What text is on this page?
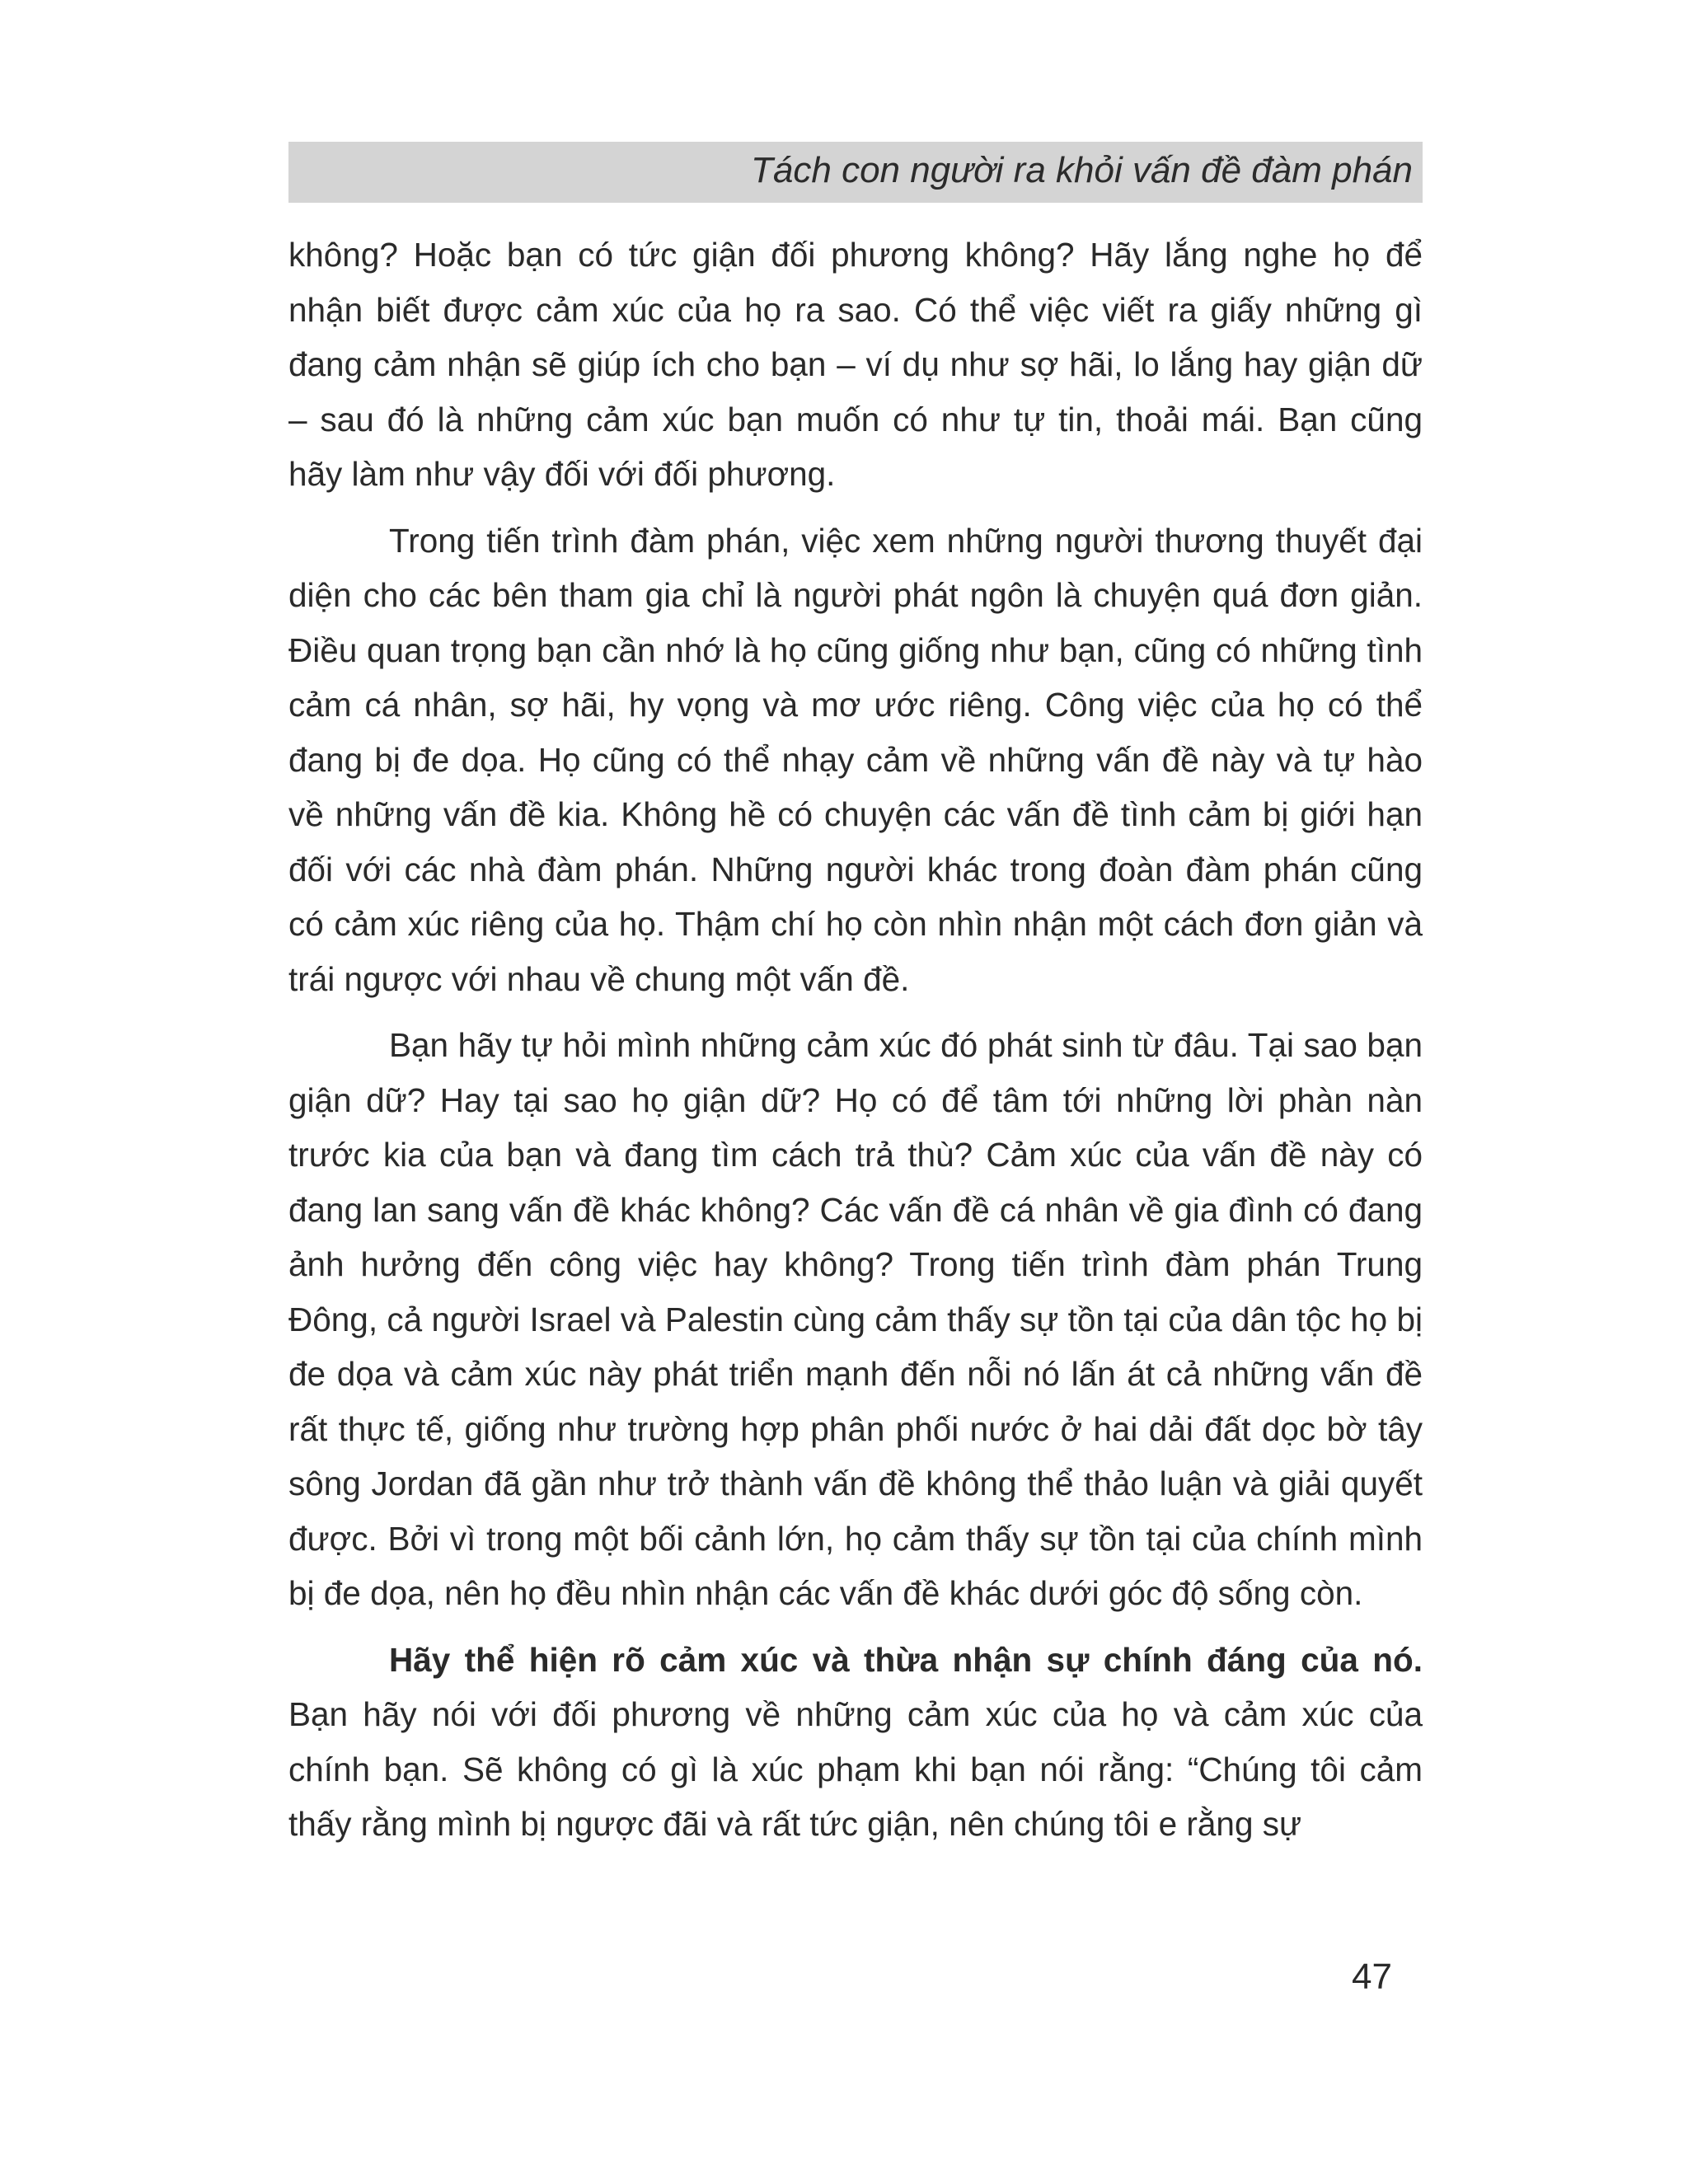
Tách con người ra khỏi vấn đề đàm phán

không? Hoặc bạn có tức giận đối phương không? Hãy lắng nghe họ để nhận biết được cảm xúc của họ ra sao. Có thể việc viết ra giấy những gì đang cảm nhận sẽ giúp ích cho bạn – ví dụ như sợ hãi, lo lắng hay giận dữ – sau đó là những cảm xúc bạn muốn có như tự tin, thoải mái. Bạn cũng hãy làm như vậy đối với đối phương.

Trong tiến trình đàm phán, việc xem những người thương thuyết đại diện cho các bên tham gia chỉ là người phát ngôn là chuyện quá đơn giản. Điều quan trọng bạn cần nhớ là họ cũng giống như bạn, cũng có những tình cảm cá nhân, sợ hãi, hy vọng và mơ ước riêng. Công việc của họ có thể đang bị đe dọa. Họ cũng có thể nhạy cảm về những vấn đề này và tự hào về những vấn đề kia. Không hề có chuyện các vấn đề tình cảm bị giới hạn đối với các nhà đàm phán. Những người khác trong đoàn đàm phán cũng có cảm xúc riêng của họ. Thậm chí họ còn nhìn nhận một cách đơn giản và trái ngược với nhau về chung một vấn đề.

Bạn hãy tự hỏi mình những cảm xúc đó phát sinh từ đâu. Tại sao bạn giận dữ? Hay tại sao họ giận dữ? Họ có để tâm tới những lời phàn nàn trước kia của bạn và đang tìm cách trả thù? Cảm xúc của vấn đề này có đang lan sang vấn đề khác không? Các vấn đề cá nhân về gia đình có đang ảnh hưởng đến công việc hay không? Trong tiến trình đàm phán Trung Đông, cả người Israel và Palestin cùng cảm thấy sự tồn tại của dân tộc họ bị đe dọa và cảm xúc này phát triển mạnh đến nỗi nó lấn át cả những vấn đề rất thực tế, giống như trường hợp phân phối nước ở hai dải đất dọc bờ tây sông Jordan đã gần như trở thành vấn đề không thể thảo luận và giải quyết được. Bởi vì trong một bối cảnh lớn, họ cảm thấy sự tồn tại của chính mình bị đe dọa, nên họ đều nhìn nhận các vấn đề khác dưới góc độ sống còn.

Hãy thể hiện rõ cảm xúc và thừa nhận sự chính đáng của nó. Bạn hãy nói với đối phương về những cảm xúc của họ và cảm xúc của chính bạn. Sẽ không có gì là xúc phạm khi bạn nói rằng: “Chúng tôi cảm thấy rằng mình bị ngược đãi và rất tức giận, nên chúng tôi e rằng sự

47
